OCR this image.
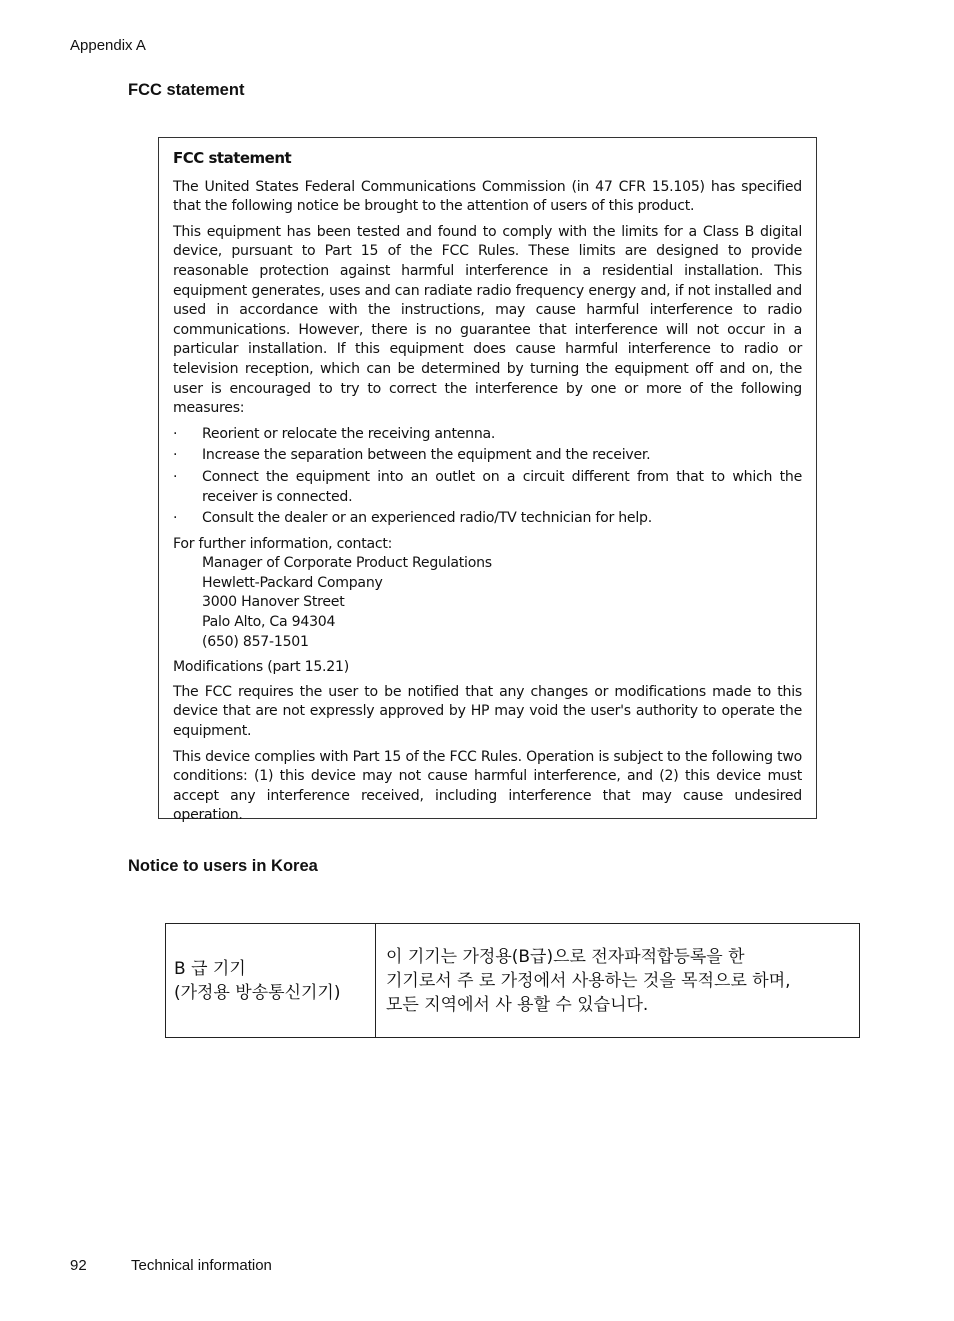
Appendix A
FCC statement
FCC statement

The United States Federal Communications Commission (in 47 CFR 15.105) has specified that the following notice be brought to the attention of users of this product.

This equipment has been tested and found to comply with the limits for a Class B digital device, pursuant to Part 15 of the FCC Rules. These limits are designed to provide reasonable protection against harmful interference in a residential installation. This equipment generates, uses and can radiate radio frequency energy and, if not installed and used in accordance with the instructions, may cause harmful interference to radio communications. However, there is no guarantee that interference will not occur in a particular installation. If this equipment does cause harmful interference to radio or television reception, which can be determined by turning the equipment off and on, the user is encouraged to try to correct the interference by one or more of the following measures:

· Reorient or relocate the receiving antenna.
· Increase the separation between the equipment and the receiver.
· Connect the equipment into an outlet on a circuit different from that to which the receiver is connected.
· Consult the dealer or an experienced radio/TV technician for help.
For further information, contact:
Manager of Corporate Product Regulations
Hewlett-Packard Company
3000 Hanover Street
Palo Alto, Ca 94304
(650) 857-1501
Modifications (part 15.21)

The FCC requires the user to be notified that any changes or modifications made to this device that are not expressly approved by HP may void the user's authority to operate the equipment.

This device complies with Part 15 of the FCC Rules. Operation is subject to the following two conditions: (1) this device may not cause harmful interference, and (2) this device must accept any interference received, including interference that may cause undesired operation.

Notice to users in Korea
B 급 기기
(가정용 방송통신기기)

이 기기는 가정용(B급)으로 전자파적합등록을 한
기기로서 주 로 가정에서 사용하는 것을 목적으로 하며,
모든 지역에서 사 용할 수 있습니다.
92	Technical information
